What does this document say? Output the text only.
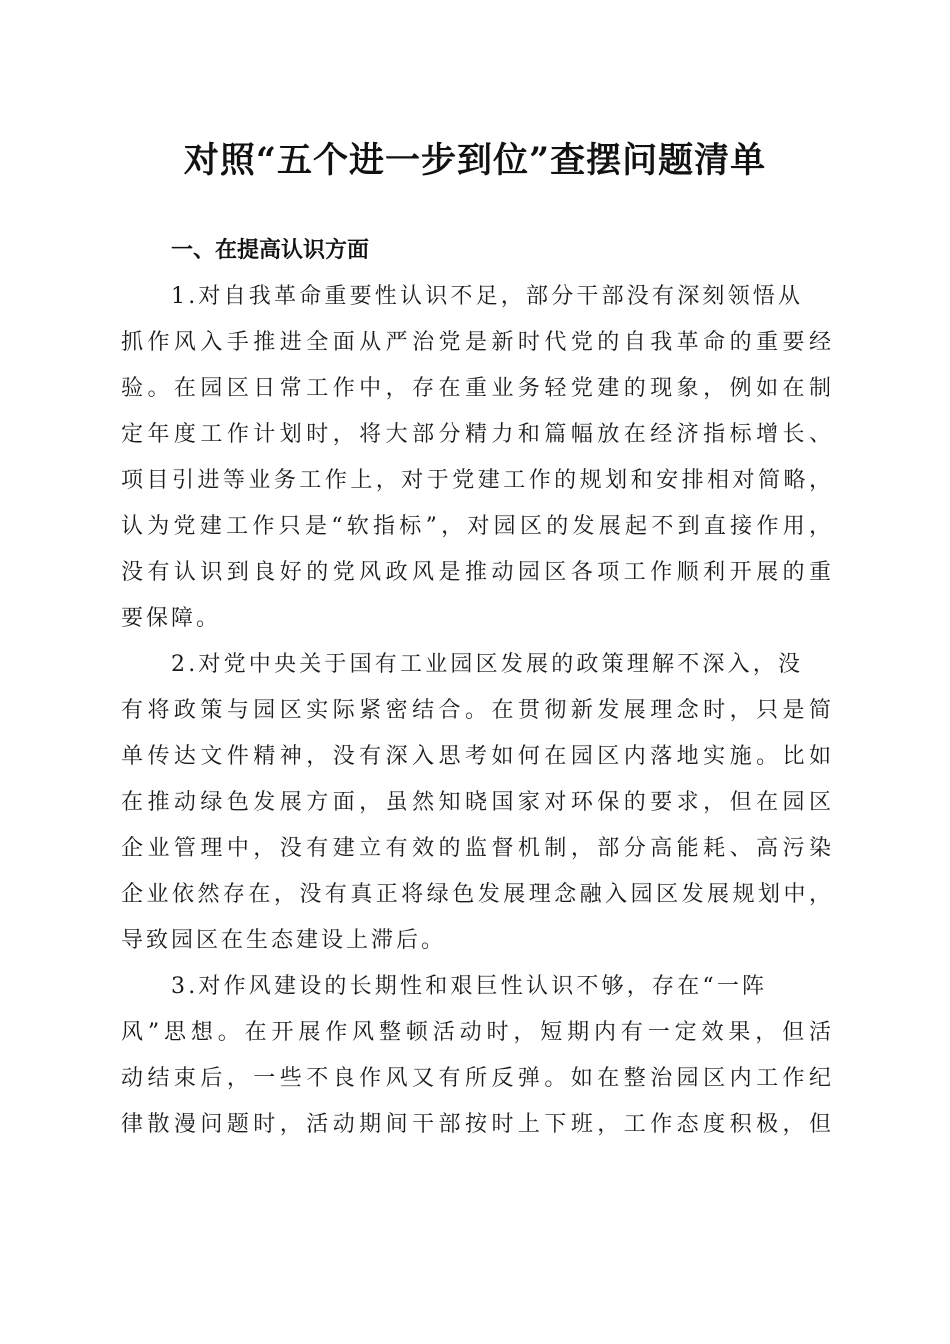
对照“五个进一步到位”查摆问题清单
一、在提高认识方面
1.对自我革命重要性认识不足，部分干部没有深刻领悟从
抓作风入手推进全面从严治党是新时代党的自我革命的重要经
验。在园区日常工作中，存在重业务轻党建的现象，例如在制
定年度工作计划时，将大部分精力和篇幅放在经济指标增长、
项目引进等业务工作上，对于党建工作的规划和安排相对简略，
认为党建工作只是“软指标”，对园区的发展起不到直接作用，
没有认识到良好的党风政风是推动园区各项工作顺利开展的重
要保障。
2.对党中央关于国有工业园区发展的政策理解不深入，没
有将政策与园区实际紧密结合。在贯彻新发展理念时，只是简
单传达文件精神，没有深入思考如何在园区内落地实施。比如
在推动绿色发展方面，虽然知晓国家对环保的要求，但在园区
企业管理中，没有建立有效的监督机制，部分高能耗、高污染
企业依然存在，没有真正将绿色发展理念融入园区发展规划中，
导致园区在生态建设上滞后。
3.对作风建设的长期性和艰巨性认识不够，存在“一阵
风”思想。在开展作风整顿活动时，短期内有一定效果，但活
动结束后，一些不良作风又有所反弹。如在整治园区内工作纪
律散漫问题时，活动期间干部按时上下班，工作态度积极，但
